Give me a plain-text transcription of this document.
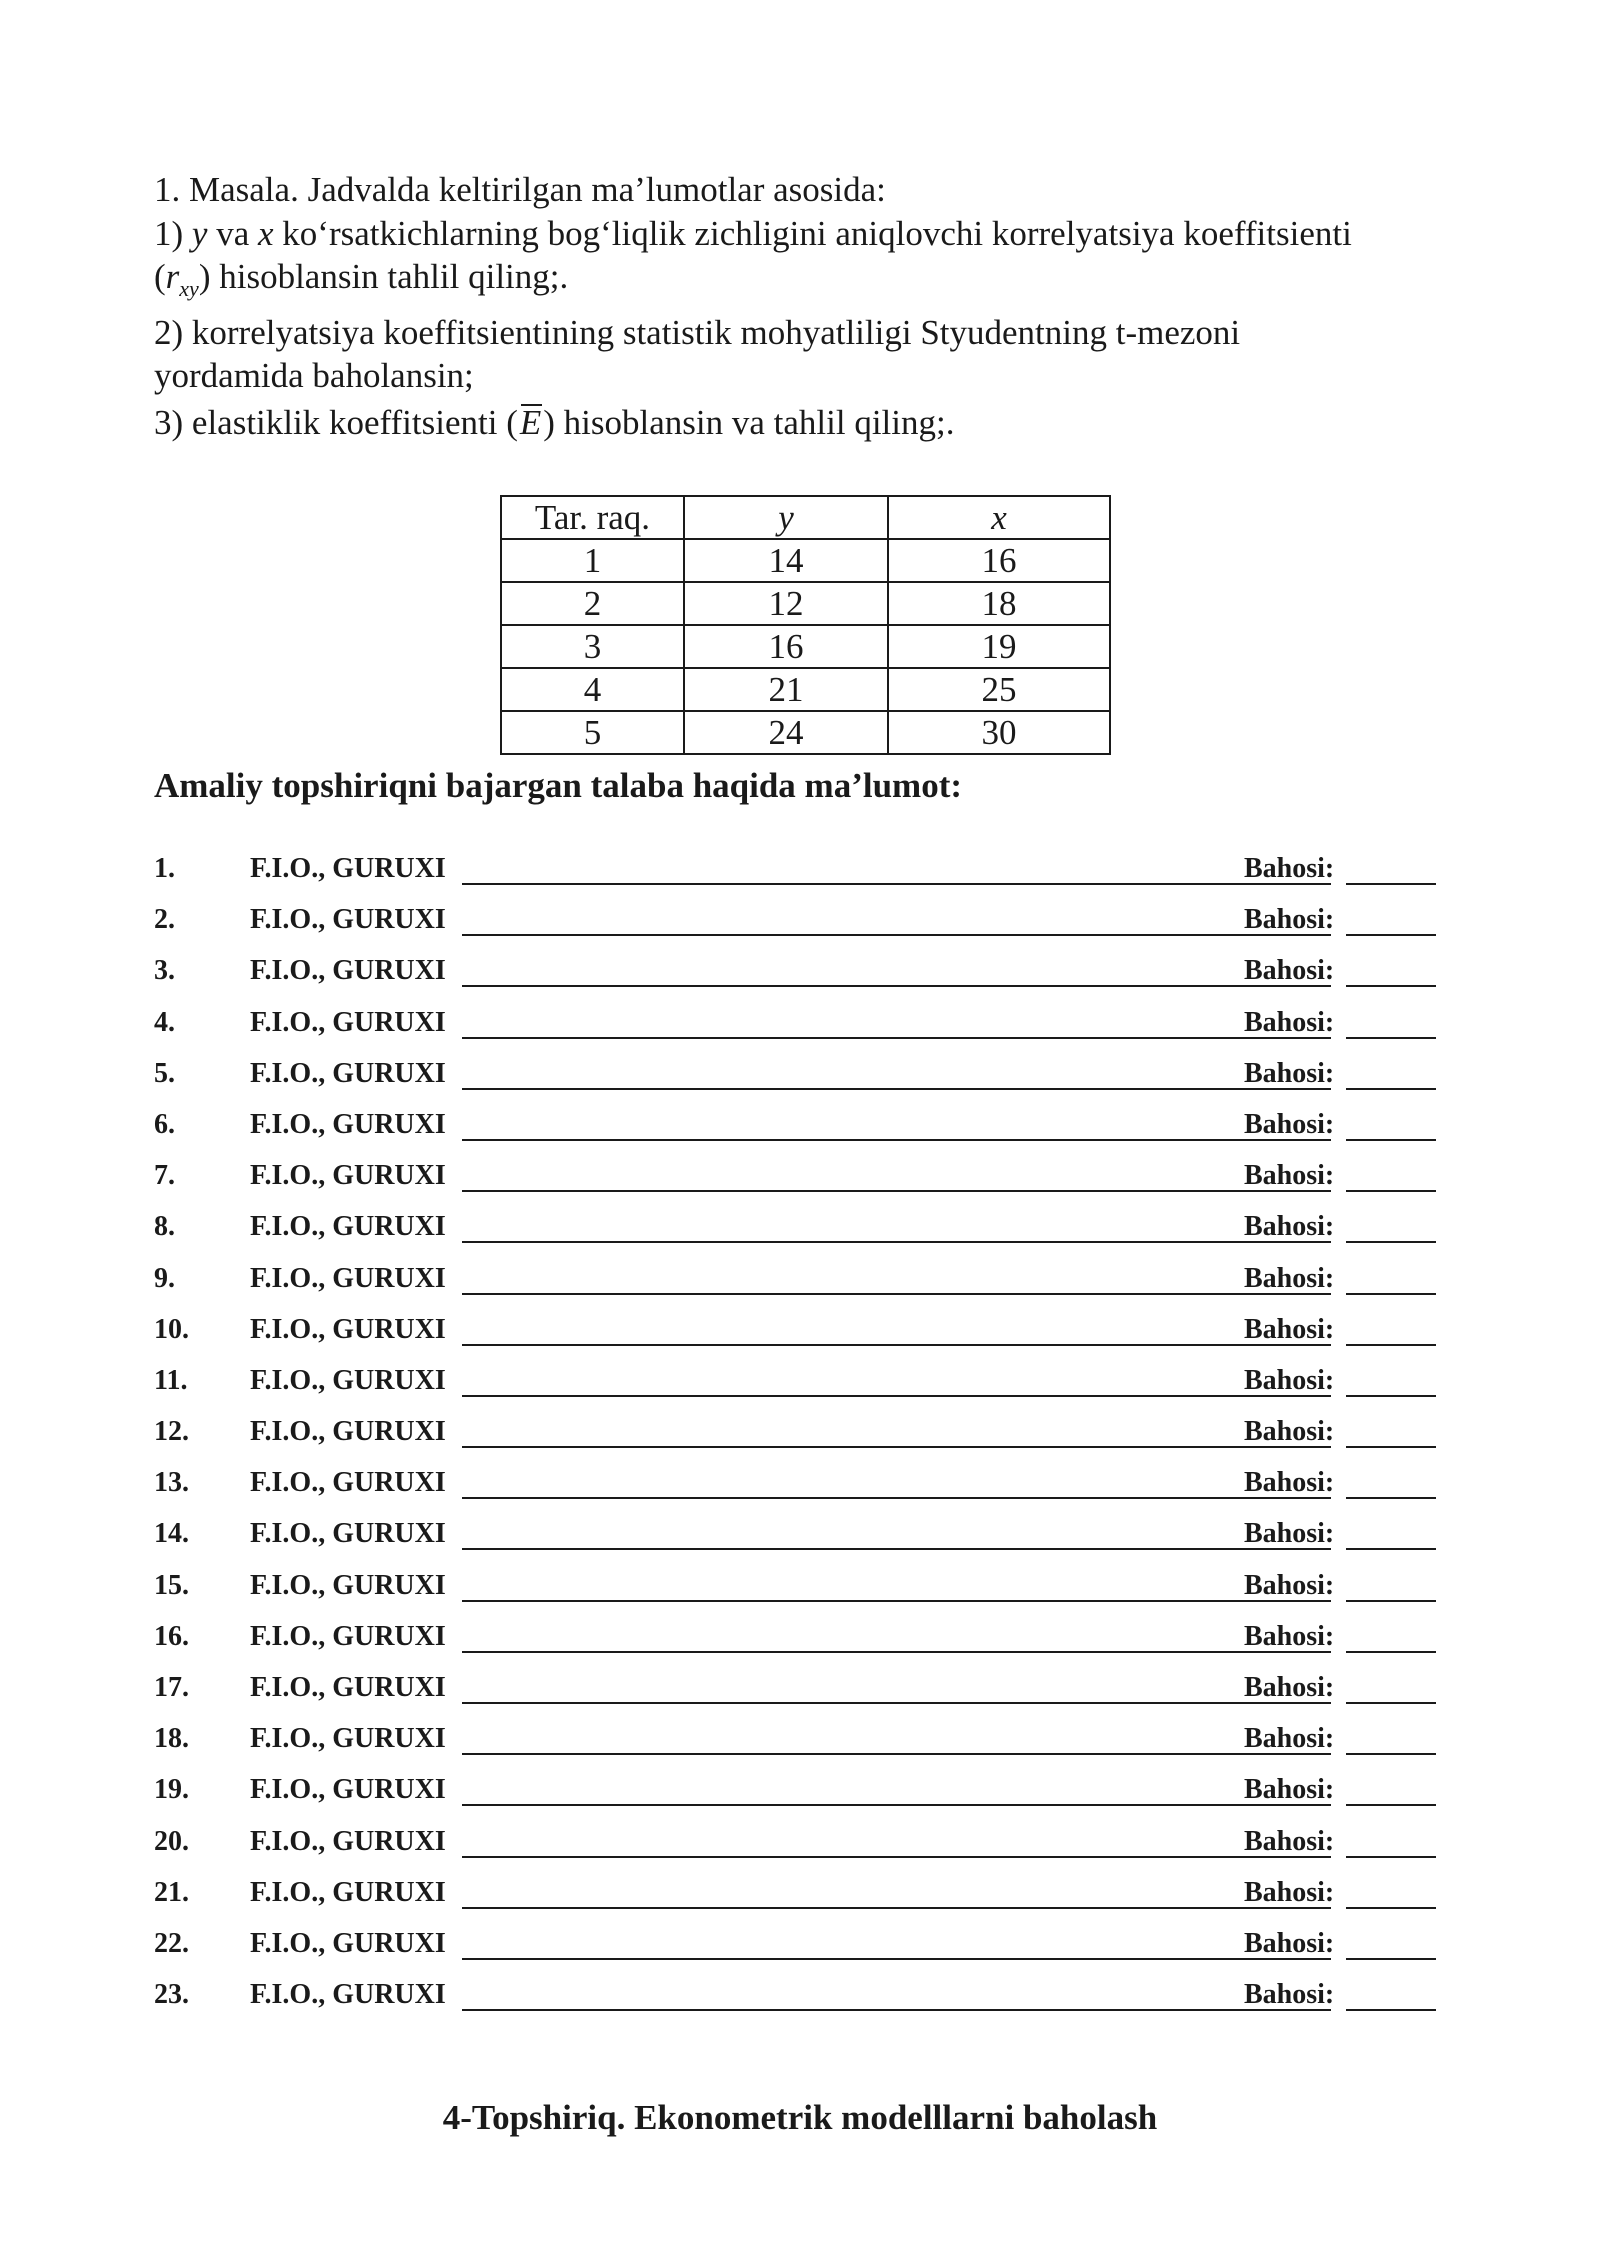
1. Masala. Jadvalda keltirilgan ma’lumotlar asosida:

1) y va x ko‘rsatkichlarning bog‘liqlik zichligini aniqlovchi korrelyatsiya koeffitsienti

$(r_{xy})$ hisoblansin tahlil qiling;.

2) korrelyatsiya koeffitsientining statistik mohyatliligi Styudentning t-mezoni

yordamida baholansin;

3) elastiklik koeffitsienti (E) hisoblansin va tahlil qiling;.

Tar. raq.	y	x
1	14	16
2	12	18
3	16	19
4	21	25
5	24	30
Amaliy topshiriqni bajargan talaba haqida ma’lumot:
1.	F.I.O., GURUXI	Bahosi:
2.	F.I.O., GURUXI	Bahosi:
3.	F.I.O., GURUXI	Bahosi:
4.	F.I.O., GURUXI	Bahosi:
5.	F.I.O., GURUXI	Bahosi:
6.	F.I.O., GURUXI	Bahosi:
7.	F.I.O., GURUXI	Bahosi:
8.	F.I.O., GURUXI	Bahosi:
9.	F.I.O., GURUXI	Bahosi:
10. F.I.O., GURUXI	Bahosi:
11. F.I.O., GURUXI	Bahosi:
12. F.I.O., GURUXI	Bahosi:
13. F.I.O., GURUXI	Bahosi:
14. F.I.O., GURUXI	Bahosi:
15. F.I.O., GURUXI	Bahosi:
16. F.I.O., GURUXI	Bahosi:
17. F.I.O., GURUXI	Bahosi:
18. F.I.O., GURUXI	Bahosi:
19. F.I.O., GURUXI	Bahosi:
20. F.I.O., GURUXI	Bahosi:
21. F.I.O., GURUXI	Bahosi:
22. F.I.O., GURUXI	Bahosi:
23. F.I.O., GURUXI	Bahosi:
4-Topshiriq. Ekonometrik modelllarni baholash
